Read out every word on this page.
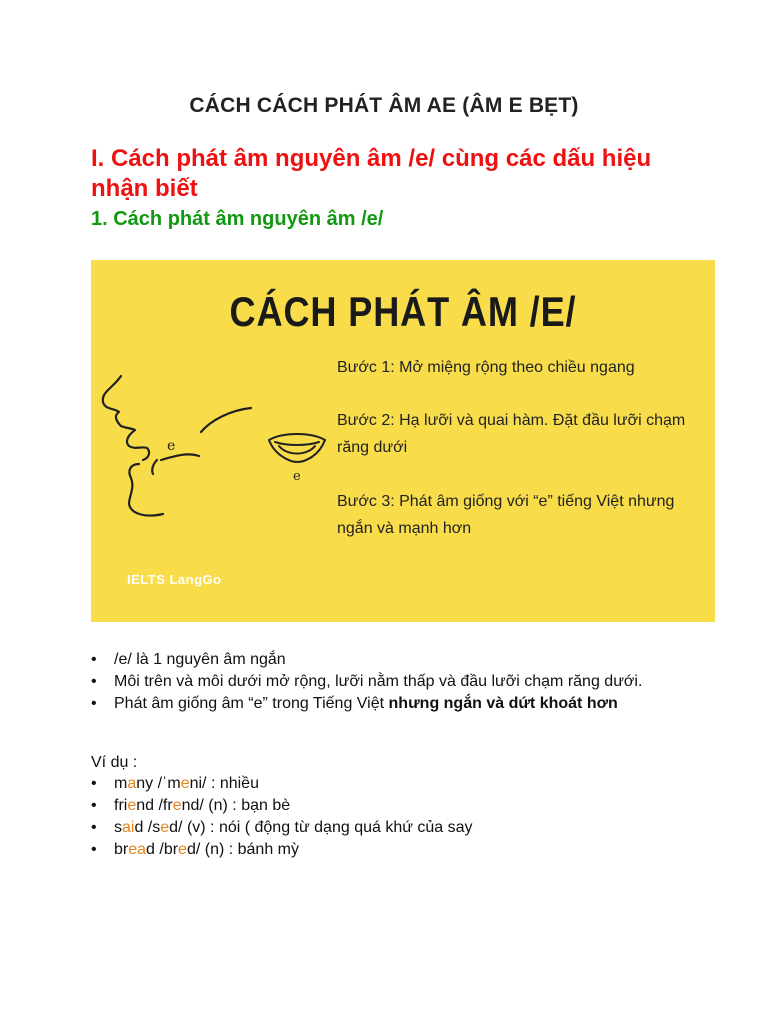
CÁCH CÁCH PHÁT ÂM AE (ÂM E BẸT)
I. Cách phát âm nguyên âm /e/ cùng các dấu hiệu nhận biết
1. Cách phát âm nguyên âm /e/
CÁCH PHÁT ÂM /E/
e
e
Bước 1: Mở miệng rộng theo chiều ngang
Bước 2: Hạ lưỡi và quai hàm. Đặt đầu lưỡi chạm răng dưới
Bước 3: Phát âm giống với “e” tiếng Việt nhưng ngắn và mạnh hơn
IELTS LangGo
• /e/ là 1 nguyên âm ngắn
• Môi trên và môi dưới mở rộng, lưỡi nằm thấp và đầu lưỡi chạm răng dưới.
• Phát âm giống âm “e” trong Tiếng Việt nhưng ngắn và dứt khoát hơn
Ví dụ :
• many /ˈmeni/ : nhiều
• friend /frend/ (n) : bạn bè
• said /sed/ (v) : nói ( động từ dạng quá khứ của say
• bread /bred/ (n) : bánh mỳ
